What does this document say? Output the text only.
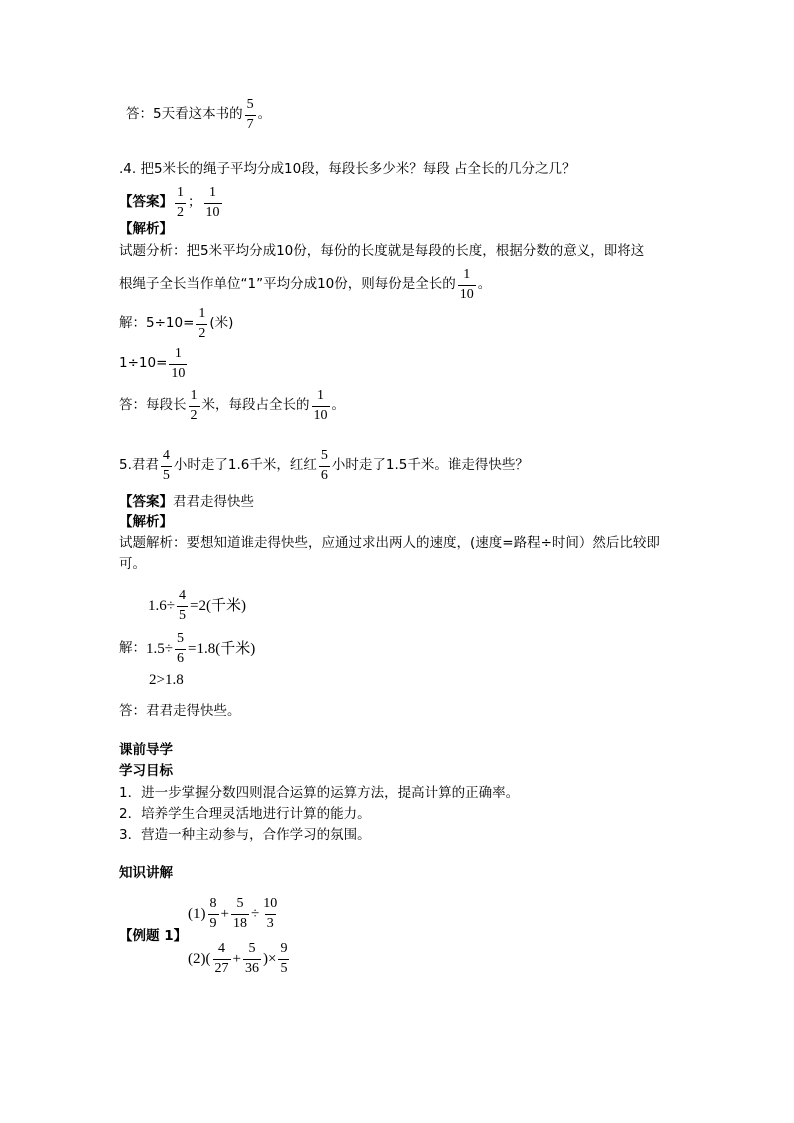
答：5天看这本书的 $\frac{5}{7}$ 。
.4. 把5米长的绳子平均分成10段，每段长多少米？每段 占全长的几分之几？
【答案】 $\frac{1}{2}$ ； $\frac{1}{10}$
【解析】
试题分析：把5米平均分成10份，每份的长度就是每段的长度，根据分数的意义，即将这
根绳子全长当作单位“1”平均分成10份，则每份是全长的 $\frac{1}{10}$ 。
解：$5\div 10= \frac{1}{2}$ (米)
$1\div 10= \frac{1}{10}$
答：每段长 $\frac{1}{2}$ 米，每段占全长的 $\frac{1}{10}$ 。
5.君君 $\frac{4}{5}$ 小时走了1.6千米，红红 $\frac{5}{6}$ 小时走了1.5千米。谁走得快些？
【答案】君君走得快些
【解析】
试题解析：要想知道谁走得快些，应通过求出两人的速度，(速度=路程÷时间）然后比较即
可。
$1.6\div \frac{4}{5} =2$(千米)
解： $1.5\div \frac{5}{6} =1.8$(千米)
2>1.8
答：君君走得快些。
课前导学
学习目标
1．进一步掌握分数四则混合运算的运算方法，提高计算的正确率。
2．培养学生合理灵活地进行计算的能力。
3．营造一种主动参与，合作学习的氛围。
知识讲解
【例题 1】
$(1) \frac{8}{9} + \frac{5}{18} \div \frac{10}{3}$
$(2)( \frac{4}{27} + \frac{5}{36}$ )× $\frac{9}{5}$
